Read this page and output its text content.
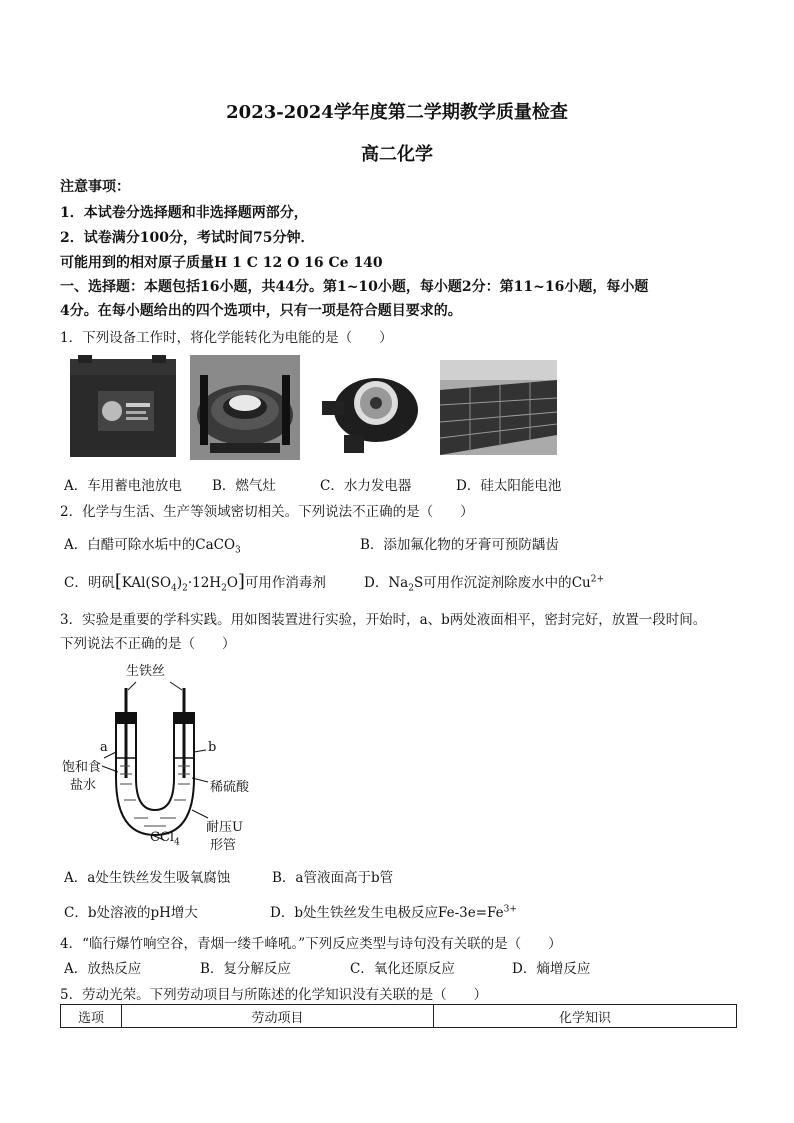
2023-2024学年度第二学期教学质量检查
高二化学
注意事项：
1．本试卷分选择题和非选择题两部分，
2．试卷满分100分，考试时间75分钟．
可能用到的相对原子质量H 1 C 12 O 16 Ce 140
一、选择题：本题包括16小题，共44分。第1~10小题，每小题2分：第11~16小题，每小题
4分。在每小题给出的四个选项中，只有一项是符合题目要求的。
1．下列设备工作时，将化学能转化为电能的是（　　）
A．车用蓄电池放电 B．燃气灶	C．水力发电器	D．硅太阳能电池
2．化学与生活、生产等领域密切相关。下列说法不正确的是（　　）
A．白醋可除水垢中的CaCO$_3$	B．添加氟化物的牙膏可预防龋齿
C．明矾$[KAl(SO_4)_2\cdot 12H_2O]$可用作消毒剂	D．$Na_2S$可用作沉淀剂除废水中的$Cu^{2+}$
3．实验是重要的学科实践。用如图装置进行实验，开始时，a、b两处液面相平，密封完好，放置一段时间。
下列说法不正确的是（　　）
生铁丝
a	b
饱和食
盐水	稀硫酸
CCl$_4$
耐压U
形管
A．a处生铁丝发生吸氧腐蚀	B．a管液面高于b管
C．b处溶液的pH增大	D．b处生铁丝发生电极反应$Fe-3e=Fe^{3+}$
4．“临行爆竹响空谷，青烟一缕千峰吼。”下列反应类型与诗句没有关联的是（　　）
A．放热反应	B．复分解反应	C．氧化还原反应	D．熵增反应
5．劳动光荣。下列劳动项目与所陈述的化学知识没有关联的是（　　）
选项	劳动项目	化学知识
